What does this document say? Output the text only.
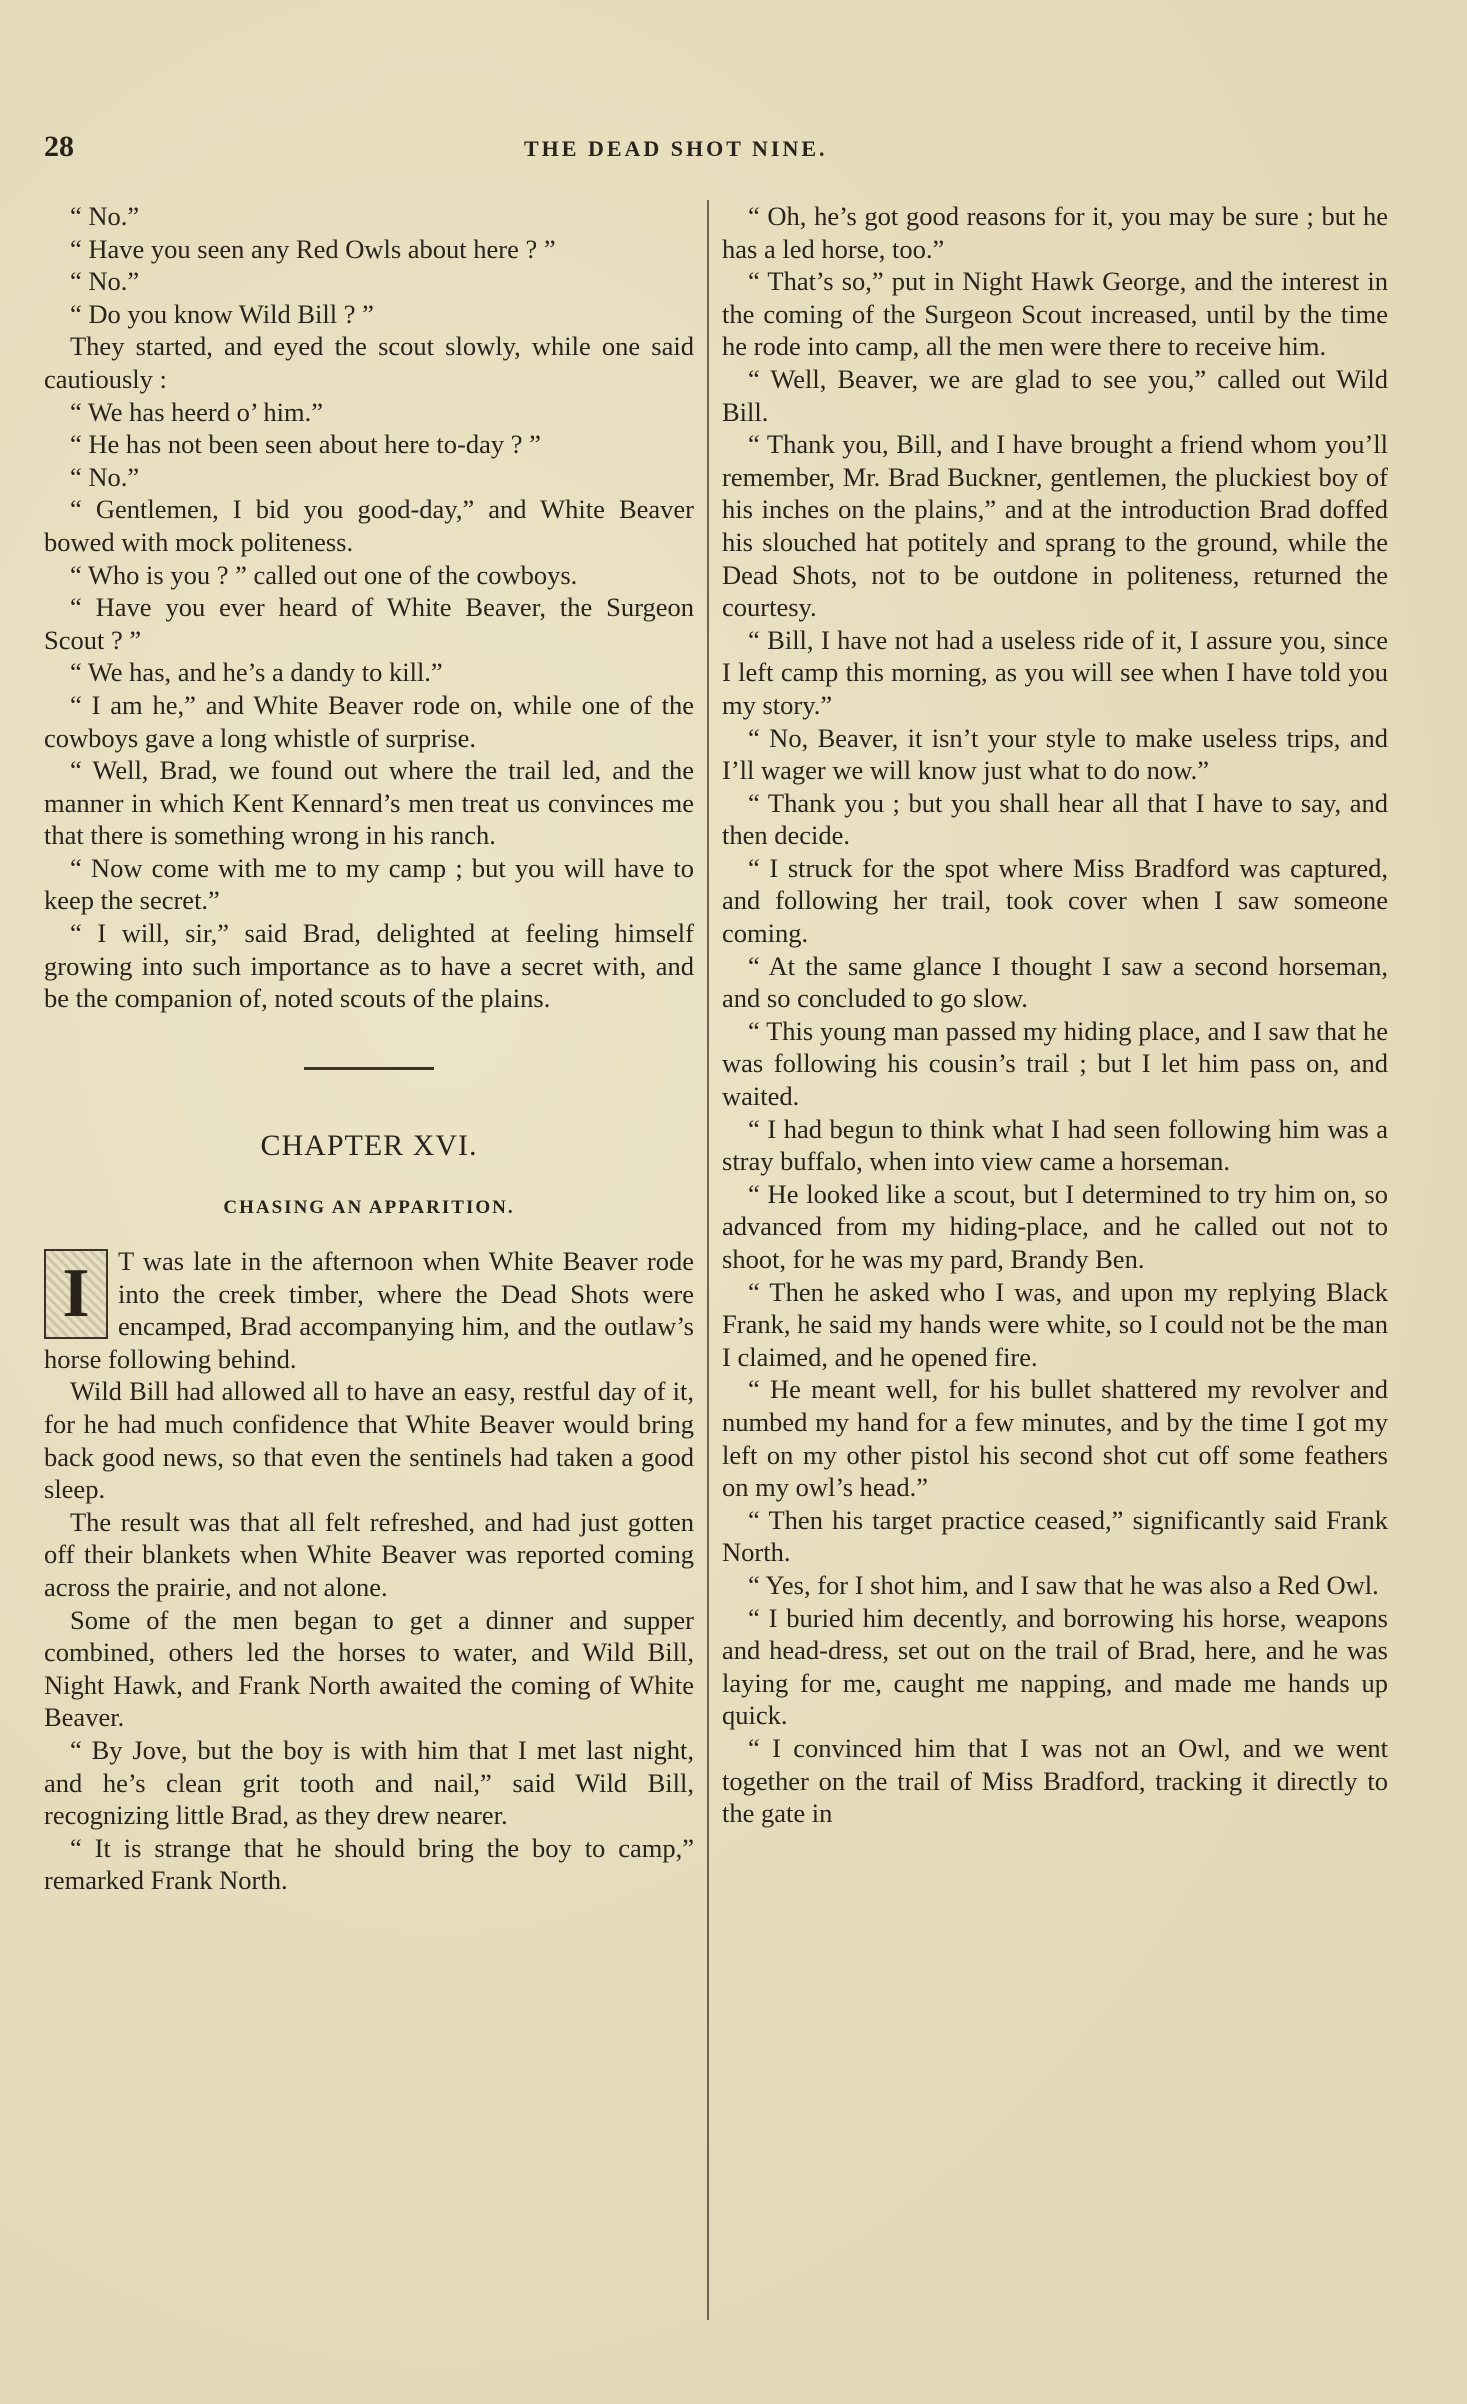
28	THE DEAD SHOT NINE.

“ No.”

“ Have you seen any Red Owls about here ? ”

“ No.”

“ Do you know Wild Bill ? ”

They started, and eyed the scout slowly, while one said cautiously :

“ We has heerd o’ him.”

“ He has not been seen about here to-day ? ”

“ No.”

“ Gentlemen, I bid you good-day,” and White Beaver bowed with mock politeness.

“ Who is you ? ” called out one of the cowboys.

“ Have you ever heard of White Beaver, the Surgeon Scout ? ”

“ We has, and he’s a dandy to kill.”

“ I am he,” and White Beaver rode on, while one of the cowboys gave a long whistle of surprise.

“ Well, Brad, we found out where the trail led, and the manner in which Kent Kennard’s men treat us convinces me that there is something wrong in his ranch.

“ Now come with me to my camp ; but you will have to keep the secret.”

“ I will, sir,” said Brad, delighted at feeling himself growing into such importance as to have a secret with, and be the companion of, noted scouts of the plains.

CHAPTER XVI.
CHASING AN APPARITION.
I	T was late in the afternoon when White Beaver rode into the creek timber, where the Dead Shots were encamped, Brad accompanying him, and the outlaw’s horse following behind.

Wild Bill had allowed all to have an easy, restful day of it, for he had much confidence that White Beaver would bring back good news, so that even the sentinels had taken a good sleep.

The result was that all felt refreshed, and had just gotten off their blankets when White Beaver was reported coming across the prairie, and not alone.

Some of the men began to get a dinner and supper combined, others led the horses to water, and Wild Bill, Night Hawk, and Frank North awaited the coming of White Beaver.

“ By Jove, but the boy is with him that I met last night, and he’s clean grit tooth and nail,” said Wild Bill, recognizing little Brad, as they drew nearer.

“ It is strange that he should bring the boy to camp,” remarked Frank North.

“ Oh, he’s got good reasons for it, you may be sure ; but he has a led horse, too.”

“ That’s so,” put in Night Hawk George, and the interest in the coming of the Surgeon Scout increased, until by the time he rode into camp, all the men were there to receive him.

“ Well, Beaver, we are glad to see you,” called out Wild Bill.

“ Thank you, Bill, and I have brought a friend whom you’ll remember, Mr. Brad Buckner, gentlemen, the pluckiest boy of his inches on the plains,” and at the introduction Brad doffed his slouched hat potitely and sprang to the ground, while the Dead Shots, not to be outdone in politeness, returned the courtesy.

“ Bill, I have not had a useless ride of it, I assure you, since I left camp this morning, as you will see when I have told you my story.”

“ No, Beaver, it isn’t your style to make useless trips, and I’ll wager we will know just what to do now.”

“ Thank you ; but you shall hear all that I have to say, and then decide.

“ I struck for the spot where Miss Bradford was captured, and following her trail, took cover when I saw someone coming.

“ At the same glance I thought I saw a second horseman, and so concluded to go slow.

“ This young man passed my hiding place, and I saw that he was following his cousin’s trail ; but I let him pass on, and waited.

“ I had begun to think what I had seen following him was a stray buffalo, when into view came a horseman.

“ He looked like a scout, but I determined to try him on, so advanced from my hiding-place, and he called out not to shoot, for he was my pard, Brandy Ben.

“ Then he asked who I was, and upon my replying Black Frank, he said my hands were white, so I could not be the man I claimed, and he opened fire.

“ He meant well, for his bullet shattered my revolver and numbed my hand for a few minutes, and by the time I got my left on my other pistol his second shot cut off some feathers on my owl’s head.”

“ Then his target practice ceased,” significantly said Frank North.

“ Yes, for I shot him, and I saw that he was also a Red Owl.

“ I buried him decently, and borrowing his horse, weapons and head-dress, set out on the trail of Brad, here, and he was laying for me, caught me napping, and made me hands up quick.

“ I convinced him that I was not an Owl, and we went together on the trail of Miss Bradford, tracking it directly to the gate in
